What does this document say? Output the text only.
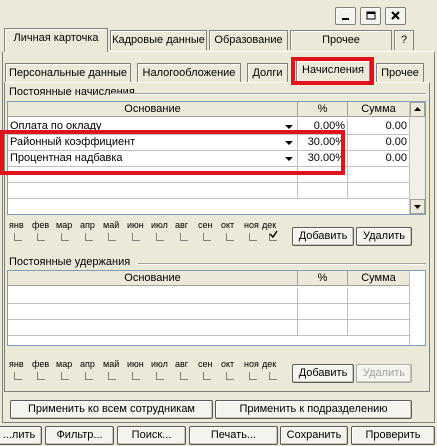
Личная карточка	Кадровые данные Образование	Прочее	?
Персональные данные	Налогообложение	Долги	Начисления	Прочее
Постоянные начисления
Основание	%	Сумма
Оплата по окладу	0.00%	0.00
Районный коэффициент	30.00%	0.00
Процентная надбавка	30.00%	0.00
янв фев мар апр май июн июл авг сен окт ноя дек
Добавить	Удалить
Постоянные удержания
Основание	%	Сумма
янв фев мар апр май июн июл авг сен окт ноя дек
Добавить	Удалить
Применить ко всем сотрудникам	Применить к подразделению
...лить	Фильтр...	Поиск...	Печать...	Сохранить	Проверить
